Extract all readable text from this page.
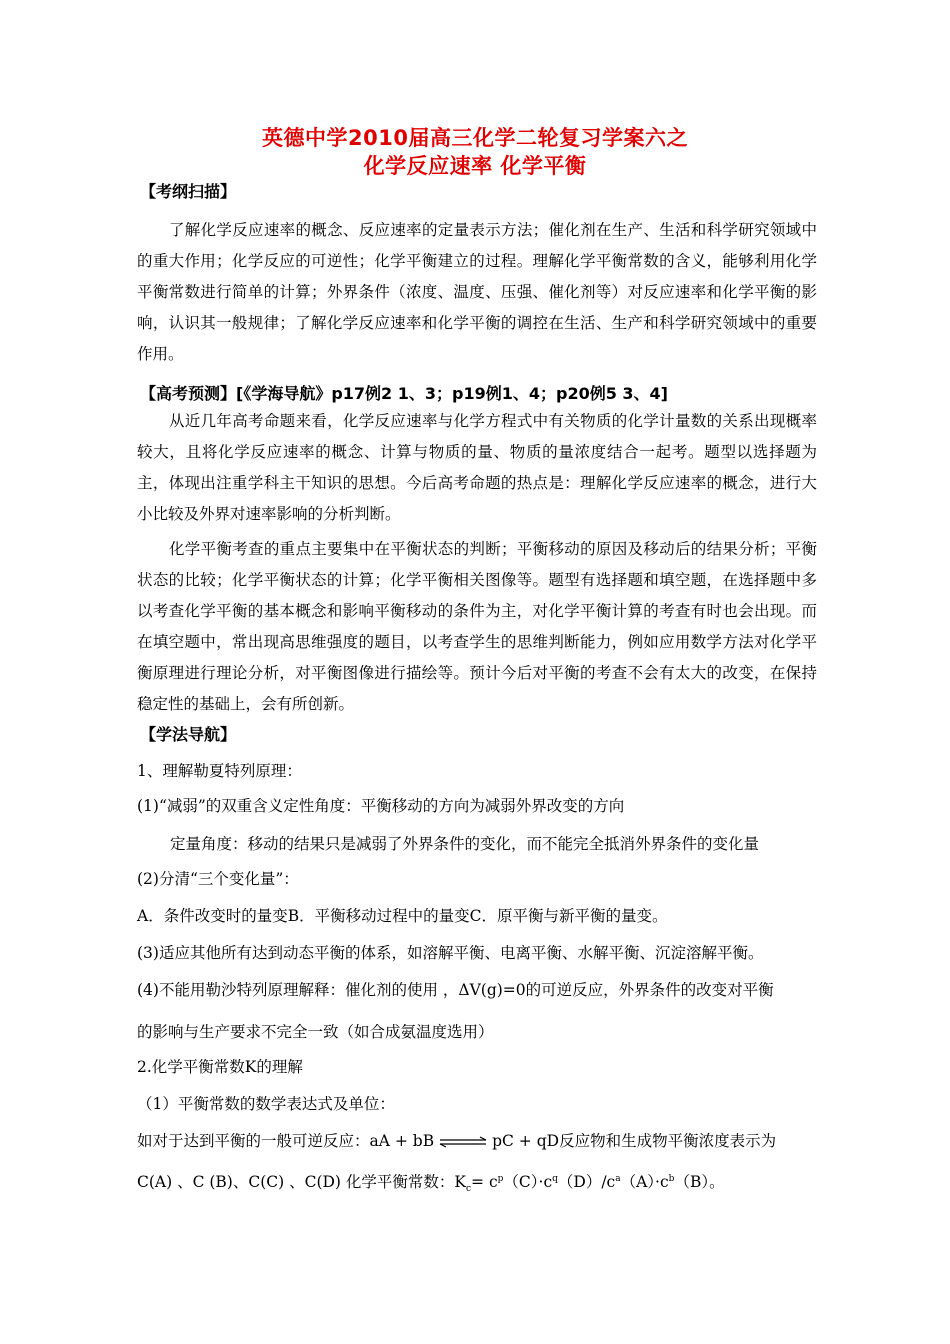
英德中学2010届高三化学二轮复习学案六之
化学反应速率 化学平衡
【考纲扫描】

了解化学反应速率的概念、反应速率的定量表示方法；催化剂在生产、生活和科学研究领域中的重大作用；化学反应的可逆性；化学平衡建立的过程。理解化学平衡常数的含义，能够利用化学平衡常数进行简单的计算；外界条件（浓度、温度、压强、催化剂等）对反应速率和化学平衡的影响，认识其一般规律；了解化学反应速率和化学平衡的调控在生活、生产和科学研究领域中的重要作用。

【高考预测】[《学海导航》p17例2 1、3；p19例1、4；p20例5 3、4]

从近几年高考命题来看，化学反应速率与化学方程式中有关物质的化学计量数的关系出现概率较大，且将化学反应速率的概念、计算与物质的量、物质的量浓度结合一起考。题型以选择题为主，体现出注重学科主干知识的思想。今后高考命题的热点是：理解化学反应速率的概念，进行大小比较及外界对速率影响的分析判断。

化学平衡考查的重点主要集中在平衡状态的判断；平衡移动的原因及移动后的结果分析；平衡状态的比较；化学平衡状态的计算；化学平衡相关图像等。题型有选择题和填空题，在选择题中多以考查化学平衡的基本概念和影响平衡移动的条件为主，对化学平衡计算的考查有时也会出现。而在填空题中，常出现高思维强度的题目，以考查学生的思维判断能力，例如应用数学方法对化学平衡原理进行理论分析，对平衡图像进行描绘等。预计今后对平衡的考查不会有太大的改变，在保持稳定性的基础上，会有所创新。

【学法导航】
1、理解勒夏特列原理：
(1)“减弱”的双重含义定性角度：平衡移动的方向为减弱外界改变的方向
定量角度：移动的结果只是减弱了外界条件的变化，而不能完全抵消外界条件的变化量
(2)分清“三个变化量”：
A．条件改变时的量变B．平衡移动过程中的量变C．原平衡与新平衡的量变。
(3)适应其他所有达到动态平衡的体系，如溶解平衡、电离平衡、水解平衡、沉淀溶解平衡。
(4)不能用勒沙特列原理解释：催化剂的使用 ，ΔV(g)=0的可逆反应，外界条件的改变对平衡
的影响与生产要求不完全一致（如合成氨温度选用）
2.化学平衡常数K的理解
（1）平衡常数的数学表达式及单位：
如对于达到平衡的一般可逆反应：aA + bB ⇌ pC + qD反应物和生成物平衡浓度表示为
C(A) 、C (B)、C(C) 、C(D) 化学平衡常数：$K_c= c^p(C)\cdot c^q(D)/c^a(A)\cdot c^b(B)$。
